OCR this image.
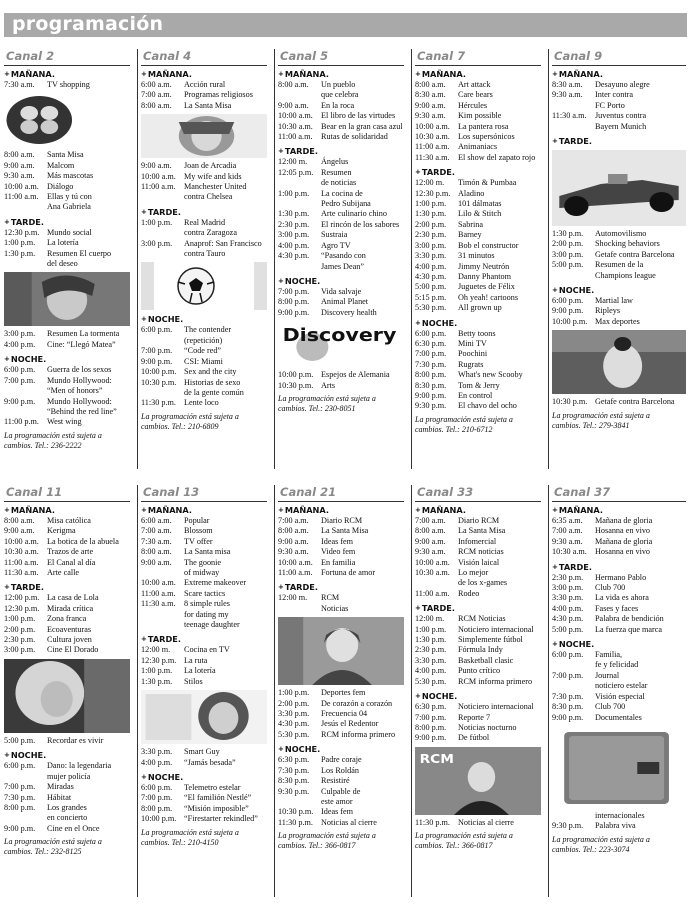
programación
Canal 2
+ MAÑANA.
7:30 a.m.	TV shopping
8:00 a.m.	Santa Misa
9:00 a.m.	Malcom
9:30 a.m.	Más mascotas
10:00 a.m.	Diálogo
11:00 a.m.	Ellas y tú con
Ana Gabriela
+ TARDE.
12:30 p.m. Mundo social
1:00 p.m.	La lotería
1:30 p.m.	Resumen El cuerpo
del deseo
3:00 p.m.	Resumen La tormenta
4:00 p.m.	Cine: “Llegó Matea”
+ NOCHE.
6:00 p.m.	Guerra de los sexos
7:00 p.m.	Mundo Hollywood:
“Men of honors”
9:00 p.m.	Mundo Hollywood:
“Behind the red line”
11:00 p.m. West wing
La programación está sujeta a
cambios. Tel.: 236-2222
Canal 4
+ MAÑANA.
6:00 a.m.	Acción rural
7:00 a.m.	Programas religiosos
8:00 a.m.	La Santa Misa
9:00 a.m.	Joan de Arcadia
10:00 a.m.	My wife and kids
11:00 a.m.	Manchester United
contra Chelsea
+ TARDE.
1:00 p.m.	Real Madrid
contra Zaragoza
3:00 p.m.	Anaprof: San Francisco
contra Tauro
+ NOCHE.
6:00 p.m.	The contender
(repetición)
7:00 p.m.	“Code red”
9:00 p.m.	CSI: Miami
10:00 p.m. Sex and the city
10:30 p.m. Historias de sexo
de la gente común
11:30 p.m. Lente loco
La programación está sujeta a
cambios. Tel.: 210-6809
Canal 5
+ MAÑANA.
8:00 a.m.	Un pueblo
que celebra
9:00 a.m.	En la roca
10:00 a.m.	El libro de las virtudes
10:30 a.m.	Bear en la gran casa azul
11:00 a.m.	Rutas de solidaridad
+ TARDE.
12:00 m.	Ángelus
12:05 p.m. Resumen
de noticias
1:00 p.m.	La cocina de
Pedro Subijana
1:30 p.m.	Arte culinario chino
2:30 p.m.	El rincón de los sabores
3:00 p.m.	Sustraia
4:00 p.m.	Agro TV
4:30 p.m.	“Pasando con
James Dean”
+ NOCHE.
7:00 p.m.	Vida salvaje
8:00 p.m.	Animal Planet
9:00 p.m.	Discovery health
Discovery
10:00 p.m. Espejos de Alemania
10:30 p.m. Arts
La programación está sujeta a
cambios. Tel.: 230-8051
Canal 7
+ MAÑANA.
8:00 a.m.	Art attack
8:30 a.m.	Care bears
9:00 a.m.	Hércules
9:30 a.m.	Kim possible
10:00 a.m.	La pantera rosa
10:30 a.m.	Los supersónicos
11:00 a.m.	Animaniacs
11:30 a.m.	El show del zapato rojo
+ TARDE.
12:00 m.	Timón & Pumbaa
12:30 p.m. Aladino
1:00 p.m.	101 dálmatas
1:30 p.m.	Lilo & Stitch
2:00 p.m.	Sabrina
2:30 p.m.	Barney
3:00 p.m.	Bob el constructor
3:30 p.m.	31 minutos
4:00 p.m.	Jimmy Neutrón
4:30 p.m.	Danny Phantom
5:00 p.m.	Juguetes de Félix
5:15 p.m.	Oh yeah! cartoons
5:30 p.m.	All grown up
+ NOCHE.
6:00 p.m.	Betty toons
6:30 p.m.	Mini TV
7:00 p.m.	Poochini
7:30 p.m.	Rugrats
8:00 p.m.	What's new Scooby
8:30 p.m.	Tom & Jerry
9:00 p.m.	En control
9:30 p.m.	El chavo del ocho
La programación está sujeta a
cambios. Tel.: 210-6712
Canal 9
+ MAÑANA.
8:30 a.m.	Desayuno alegre
9:30 a.m.	Inter contra
FC Porto
11:30 a.m.	Juventus contra
Bayern Munich
+ TARDE.
1:30 p.m.	Automovilismo
2:00 p.m.	Shocking behaviors
3:00 p.m.	Getafe contra Barcelona
5:00 p.m.	Resumen de la
Champions league
+ NOCHE.
6:00 p.m.	Martial law
9:00 p.m.	Ripleys
10:00 p.m. Max deportes
10:30 p.m. Getafe contra Barcelona
La programación está sujeta a
cambios. Tel.: 279-3841
Canal 11
+ MAÑANA.
8:00 a.m.	Misa católica
9:00 a.m.	Kerigma
10:00 a.m.	La botica de la abuela
10:30 a.m.	Trazos de arte
11:00 a.m.	El Canal al día
11:30 a.m.	Arte calle
+ TARDE.
12:00 p.m. La casa de Lola
12:30 p.m. Mirada crítica
1:00 p.m.	Zona franca
2:00 p.m.	Ecoaventuras
2:30 p.m.	Cultura joven
3:00 p.m.	Cine El Dorado
5:00 p.m.	Recordar es vivir
+ NOCHE.
6:00 p.m.	Dano: la legendaria
mujer policía
7:00 p.m.	Miradas
7:30 p.m.	Hábitat
8:00 p.m.	Los grandes
en concierto
9:00 p.m.	Cine en el Once
La programación está sujeta a
cambios. Tel.: 232-8125
Canal 13
+ MAÑANA.
6:00 a.m.	Popular
7:00 a.m.	Blossom
7:30 a.m.	TV offer
8:00 a.m.	La Santa misa
9:00 a.m.	The goonie
of midway
10:00 a.m.	Extreme makeover
11:00 a.m.	Scare tactics
11:30 a.m.	8 simple rules
for dating my
teenage daughter
+ TARDE.
12:00 m.	Cocina en TV
12:30 p.m. La ruta
1:00 p.m.	La lotería
1:30 p.m.	Stilos
3:30 p.m.	Smart Guy
4:00 p.m.	“Jamás besada”
+ NOCHE.
6:00 p.m.	Telemetro estelar
7:00 p.m.	“El familión Nestlé”
8:00 p.m.	“Misión imposible”
10:00 p.m. “Firestarter rekindled”
La programación está sujeta a
cambios. Tel.: 210-4150
Canal 21
+ MAÑANA.
7:00 a.m.	Diario RCM
8:00 a.m.	La Santa Misa
9:00 a.m.	Ideas fem
9:30 a.m.	Video fem
10:00 a.m.	En familia
11:00 a.m.	Fortuna de amor
+ TARDE.
12:00 m.	RCM
Noticias
1:00 p.m.	Deportes fem
2:00 p.m.	De corazón a corazón
3:30 p.m.	Frecuencia 04
4:30 p.m.	Jesús el Redentor
5:30 p.m.	RCM informa primero
+ NOCHE.
6:30 p.m.	Padre coraje
7:30 p.m.	Los Roldán
8:30 p.m.	Resistiré
9:30 p.m.	Culpable de
este amor
10:30 p.m. Ideas fem
11:30 p.m. Noticias al cierre
La programación está sujeta a
cambios. Tel.: 366-0817
Canal 33
+ MAÑANA.
7:00 a.m.	Diario RCM
8:00 a.m.	La Santa Misa
9:00 a.m.	Infomercial
9:30 a.m.	RCM noticias
10:00 a.m.	Visión laical
10:30 a.m.	Lo mejor
de los x-games
11:00 a.m.	Rodeo
+ TARDE.
12:00 m.	RCM Noticias
1:00 p.m.	Noticiero internacional
1:30 p.m.	Simplemente fútbol
2:30 p.m.	Fórmula Indy
3:30 p.m.	Basketball clasic
4:00 p.m.	Punto crítico
5:30 p.m.	RCM informa primero
+ NOCHE.
6:30 p.m.	Noticiero internacional
7:00 p.m.	Reporte 7
8:00 p.m.	Noticias nocturno
9:00 p.m.	De fútbol
RCM
11:30 p.m. Noticias al cierre
La programación está sujeta a
cambios. Tel.: 366-0817
Canal 37
+ MAÑANA.
6:35 a.m.	Mañana de gloria
7:00 a.m.	Hosanna en vivo
9:30 a.m.	Mañana de gloria
10:30 a.m.	Hosanna en vivo
+ TARDE.
2:30 p.m.	Hermano Pablo
3:00 p.m.	Club 700
3:30 p.m.	La vida es ahora
4:00 p.m.	Fases y faces
4:30 p.m.	Palabra de bendición
5:00 p.m.	La fuerza que marca
+ NOCHE.
6:00 p.m.	Familia,
fe y felicidad
7:00 p.m.	Journal
noticiero estelar
7:30 p.m.	Visión especial
8:30 p.m.	Club 700
9:00 p.m.	Documentales
internacionales
9:30 p.m.	Palabra viva
La programación está sujeta a
cambios. Tel.: 223-3074
